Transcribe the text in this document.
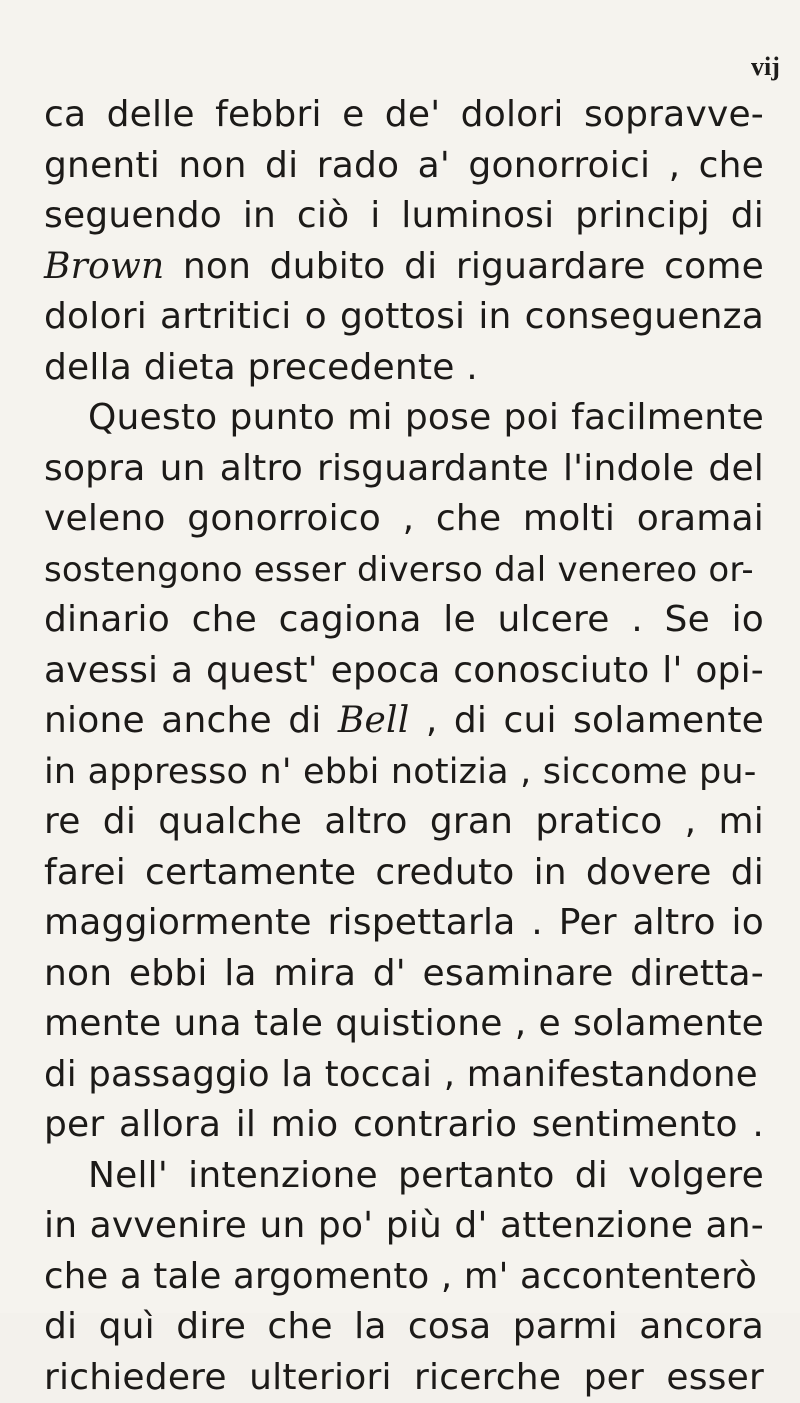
vij
ca delle febbri e de' dolori sopravve-
gnenti non di rado a' gonorroici , che
seguendo in ciò i luminosi principj di
Brown non dubito di riguardare come
dolori artritici o gottosi in conseguenza
della dieta precedente .
Questo punto mi pose poi facilmente
sopra un altro risguardante l'indole del
veleno gonorroico , che molti oramai
sostengono esser diverso dal venereo or-
dinario che cagiona le ulcere . Se io
avessi a quest' epoca conosciuto l' opi-
nione anche di Bell , di cui solamente
in appresso n' ebbi notizia , siccome pu-
re di qualche altro gran pratico , mi
farei certamente creduto in dovere di
maggiormente rispettarla . Per altro io
non ebbi la mira d' esaminare diretta-
mente una tale quistione , e solamente
di passaggio la toccai , manifestandone
per allora il mio contrario sentimento .
Nell' intenzione pertanto di volgere
in avvenire un po' più d' attenzione an-
che a tale argomento , m' accontenterò
di quì dire che la cosa parmi ancora
richiedere ulteriori ricerche per esser
